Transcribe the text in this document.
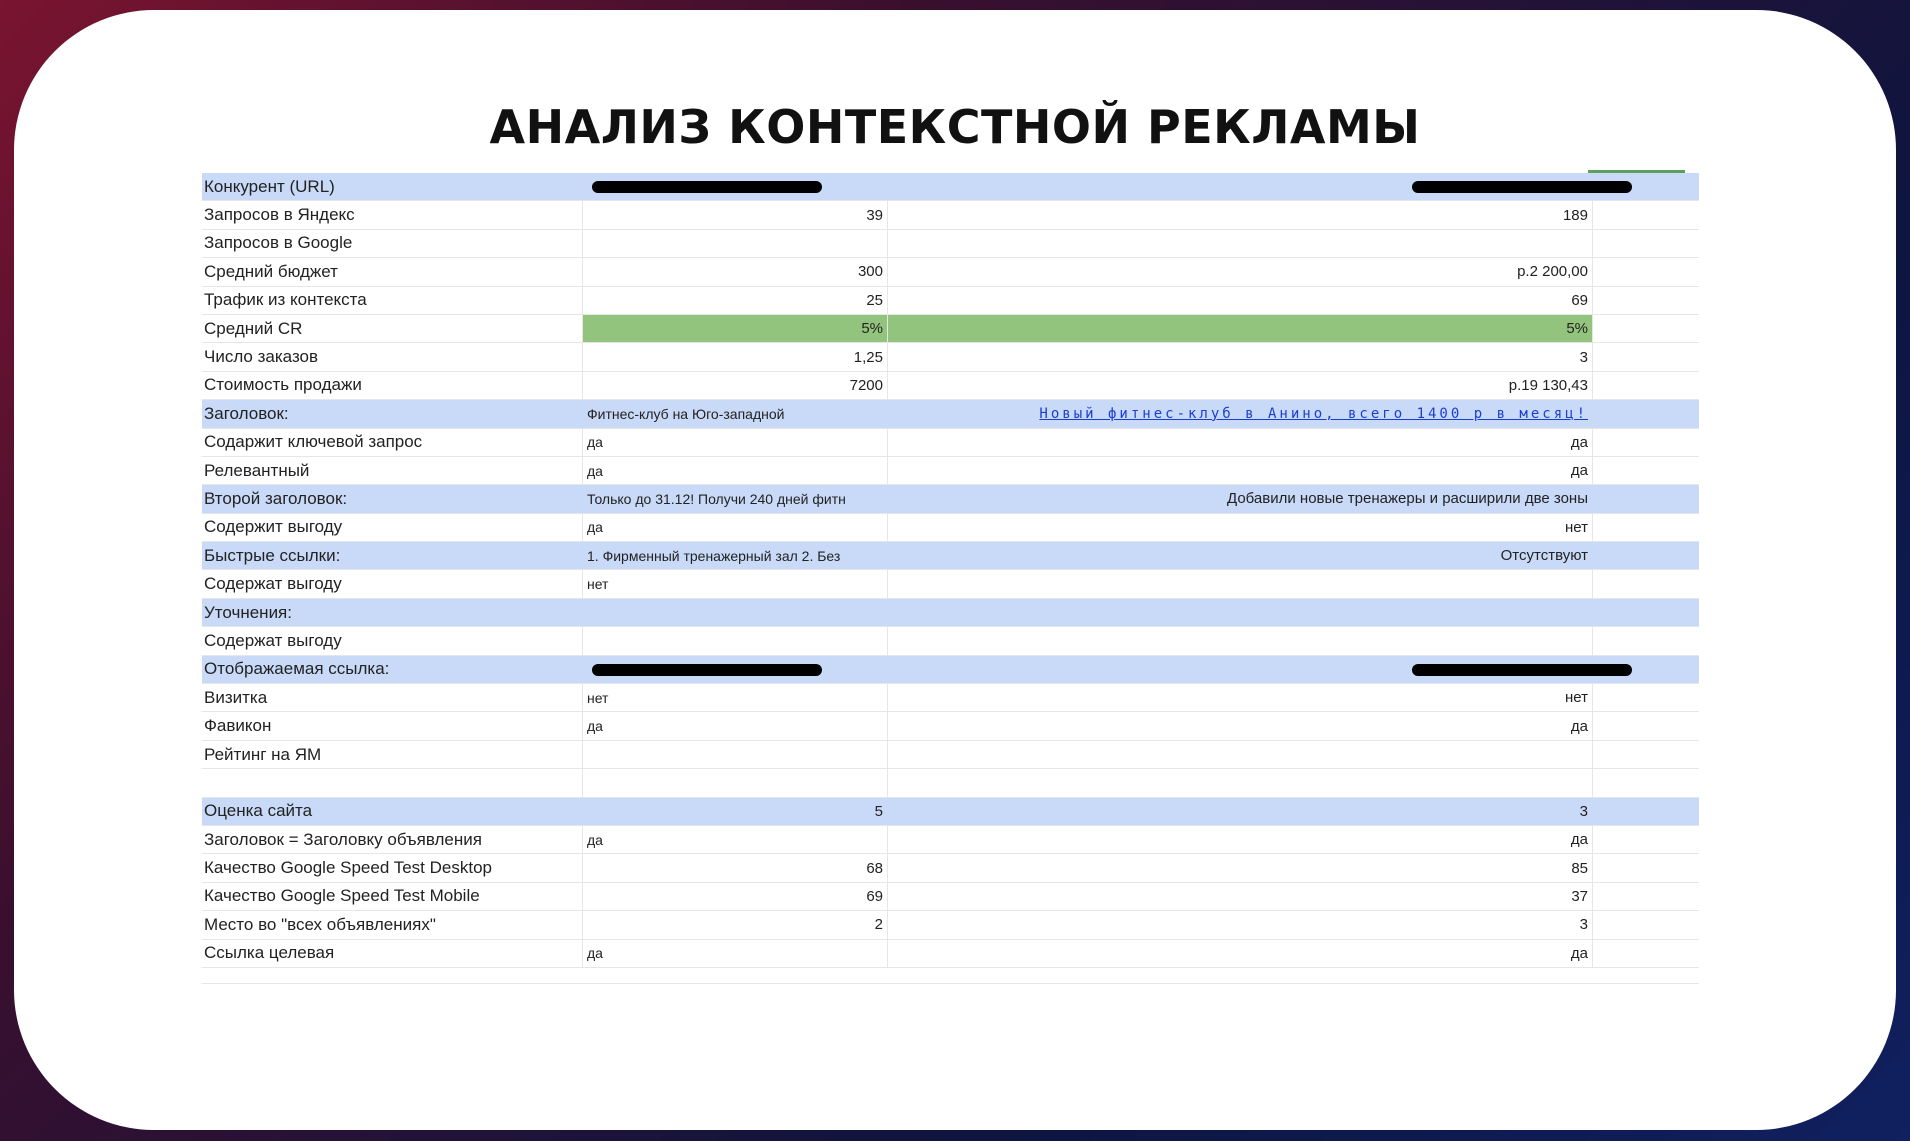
АНАЛИЗ КОНТЕКСТНОЙ РЕКЛАМЫ
Конкурент (URL)
Запросов в Яндекс	39	189
Запросов в Google
Средний бюджет	300	р.2 200,00
Трафик из контекста	25	69
Средний CR	5%	5%
Число заказов	1,25	3
Стоимость продажи	7200	р.19 130,43
Заголовок:	Фитнес-клуб на Юго-западной	Новый фитнес-клуб в Анино, всего 1400 р в месяц!
Содаржит ключевой запрос	да	да
Релевантный	да	да
Второй заголовок:	Только до 31.12! Получи 240 дней фитн	Добавили новые тренажеры и расширили две зоны
Содержит выгоду	да	нет
Быстрые ссылки:	1. Фирменный тренажерный зал 2. Без	Отсутствуют
Содержат выгоду	нет
Уточнения:
Содержат выгоду
Отображаемая ссылка:
Визитка	нет	нет
Фавикон	да	да
Рейтинг на ЯМ
Оценка сайта	5	3
Заголовок = Заголовку объявления	да	да
Качество Google Speed Test Desktop	68	85
Качество Google Speed Test Mobile	69	37
Место во "всех объявлениях"	2	3
Ссылка целевая	да	да
